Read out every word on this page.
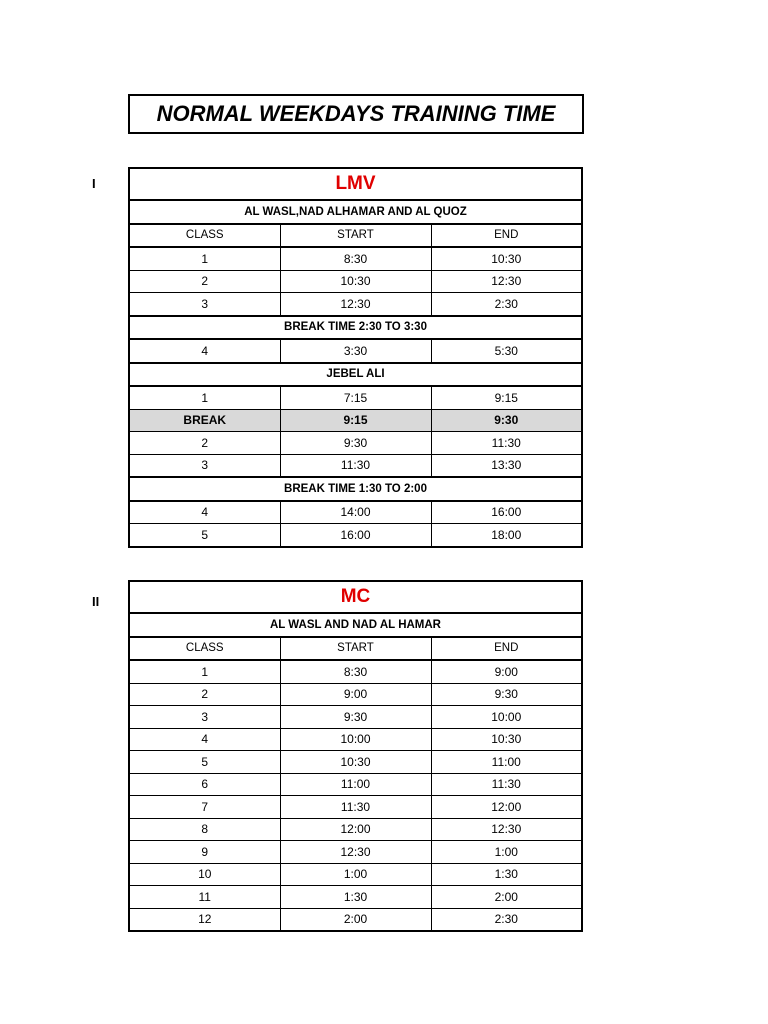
NORMAL WEEKDAYS TRAINING TIME
I	LMV		
AL WASL,NAD ALHAMAR AND AL QUOZ		
CLASS	START	END
1	8:30	10:30
2	10:30	12:30
3	12:30	2:30
BREAK TIME 2:30 TO 3:30		
4	3:30	5:30
JEBEL ALI		
1	7:15	9:15
BREAK	9:15	9:30
2	9:30	11:30
3	11:30	13:30
BREAK TIME 1:30 TO 2:00		
4	14:00	16:00
5	16:00	18:00
II	MC		
AL WASL AND NAD AL HAMAR		
CLASS	START	END
1	8:30	9:00
2	9:00	9:30
3	9:30	10:00
4	10:00	10:30
5	10:30	11:00
6	11:00	11:30
7	11:30	12:00
8	12:00	12:30
9	12:30	1:00
10	1:00	1:30
11	1:30	2:00
12	2:00	2:30
